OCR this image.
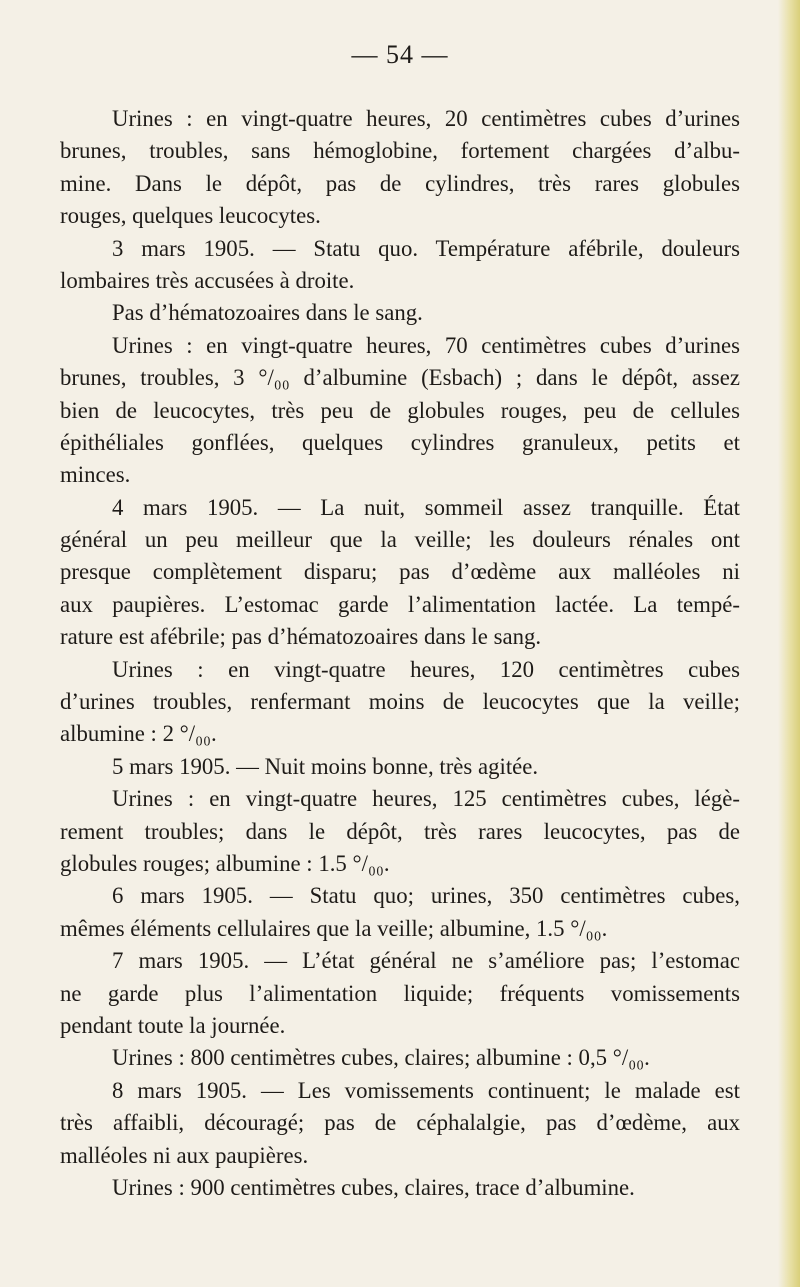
— 54 —
Urines : en vingt-quatre heures, 20 centimètres cubes d’urines
brunes, troubles, sans hémoglobine, fortement chargées d’albu-
mine. Dans le dépôt, pas de cylindres, très rares globules
rouges, quelques leucocytes.
3 mars 1905. — Statu quo. Température afébrile, douleurs
lombaires très accusées à droite.
Pas d’hématozoaires dans le sang.
Urines : en vingt-quatre heures, 70 centimètres cubes d’urines
brunes, troubles, 3 °/₀₀ d’albumine (Esbach) ; dans le dépôt, assez
bien de leucocytes, très peu de globules rouges, peu de cellules
épithéliales gonflées, quelques cylindres granuleux, petits et
minces.
4 mars 1905. — La nuit, sommeil assez tranquille. État
général un peu meilleur que la veille; les douleurs rénales ont
presque complètement disparu; pas d’œdème aux malléoles ni
aux paupières. L’estomac garde l’alimentation lactée. La tempé-
rature est afébrile; pas d’hématozoaires dans le sang.
Urines : en vingt-quatre heures, 120 centimètres cubes
d’urines troubles, renfermant moins de leucocytes que la veille;
albumine : 2 °/₀₀.
5 mars 1905. — Nuit moins bonne, très agitée.
Urines : en vingt-quatre heures, 125 centimètres cubes, légè-
rement troubles; dans le dépôt, très rares leucocytes, pas de
globules rouges; albumine : 1.5 °/₀₀.
6 mars 1905. — Statu quo; urines, 350 centimètres cubes,
mêmes éléments cellulaires que la veille; albumine, 1.5 °/₀₀.
7 mars 1905. — L’état général ne s’améliore pas; l’estomac
ne garde plus l’alimentation liquide; fréquents vomissements
pendant toute la journée.
Urines : 800 centimètres cubes, claires; albumine : 0,5 °/₀₀.
8 mars 1905. — Les vomissements continuent; le malade est
très affaibli, découragé; pas de céphalalgie, pas d’œdème, aux
malléoles ni aux paupières.
Urines : 900 centimètres cubes, claires, trace d’albumine.
